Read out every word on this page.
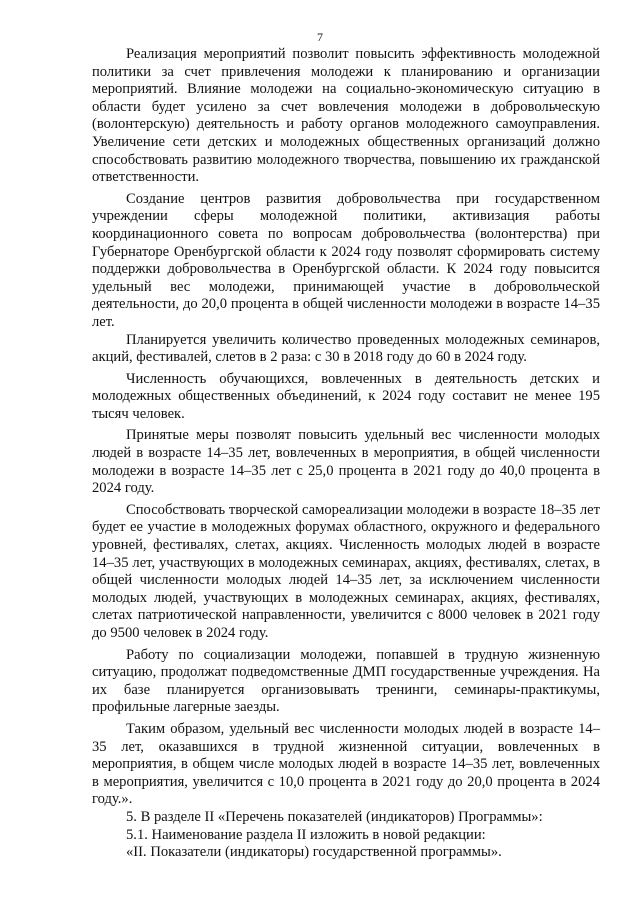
7

Реализация мероприятий позволит повысить эффективность молодежной политики за счет привлечения молодежи к планированию и организации мероприятий. Влияние молодежи на социально-экономическую ситуацию в области будет усилено за счет вовлечения молодежи в добровольческую (волонтерскую) деятельность и работу органов молодежного самоуправления. Увеличение сети детских и молодежных общественных организаций должно способствовать развитию молодежного творчества, повышению их гражданской ответственности.

Создание центров развития добровольчества при государственном учреждении сферы молодежной политики, активизация работы координационного совета по вопросам добровольчества (волонтерства) при Губернаторе Оренбургской области к 2024 году позволят сформировать систему поддержки добровольчества в Оренбургской области. К 2024 году повысится удельный вес молодежи, принимающей участие в добровольческой деятельности, до 20,0 процента в общей численности молодежи в возрасте 14–35 лет.

Планируется увеличить количество проведенных молодежных семинаров, акций, фестивалей, слетов в 2 раза: с 30 в 2018 году до 60 в 2024 году.

Численность обучающихся, вовлеченных в деятельность детских и молодежных общественных объединений, к 2024 году составит не менее 195 тысяч человек.

Принятые меры позволят повысить удельный вес численности молодых людей в возрасте 14–35 лет, вовлеченных в мероприятия, в общей численности молодежи в возрасте 14–35 лет с 25,0 процента в 2021 году до 40,0 процента в 2024 году.

Способствовать творческой самореализации молодежи в возрасте 18–35 лет будет ее участие в молодежных форумах областного, окружного и федерального уровней, фестивалях, слетах, акциях. Численность молодых людей в возрасте 14–35 лет, участвующих в молодежных семинарах, акциях, фестивалях, слетах, в общей численности молодых людей 14–35 лет, за исключением численности молодых людей, участвующих в молодежных семинарах, акциях, фестивалях, слетах патриотической направленности, увеличится с 8000 человек в 2021 году до 9500 человек в 2024 году.

Работу по социализации молодежи, попавшей в трудную жизненную ситуацию, продолжат подведомственные ДМП государственные учреждения. На их базе планируется организовывать тренинги, семинары-практикумы, профильные лагерные заезды.

Таким образом, удельный вес численности молодых людей в возрасте 14–35 лет, оказавшихся в трудной жизненной ситуации, вовлеченных в мероприятия, в общем числе молодых людей в возрасте 14–35 лет, вовлеченных в мероприятия, увеличится с 10,0 процента в 2021 году до 20,0 процента в 2024 году.».

5. В разделе II «Перечень показателей (индикаторов) Программы»:

5.1. Наименование раздела II изложить в новой редакции:

«II. Показатели (индикаторы) государственной программы».
